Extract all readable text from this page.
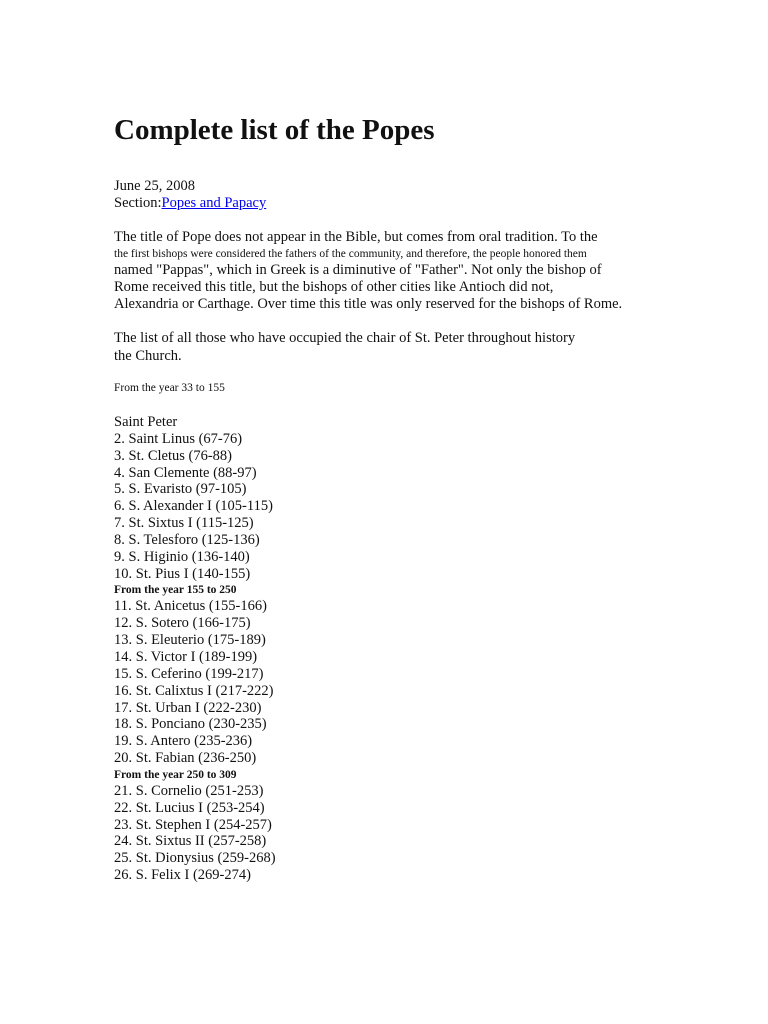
Complete list of the Popes
June 25, 2008
Section:Popes and Papacy
The title of Pope does not appear in the Bible, but comes from oral tradition. To the
the first bishops were considered the fathers of the community, and therefore, the people honored them
named "Pappas", which in Greek is a diminutive of "Father". Not only the bishop of
Rome received this title, but the bishops of other cities like Antioch did not,
Alexandria or Carthage. Over time this title was only reserved for the bishops of Rome.
The list of all those who have occupied the chair of St. Peter throughout history
the Church.
From the year 33 to 155
Saint Peter
2. Saint Linus (67-76)
3. St. Cletus (76-88)
4. San Clemente (88-97)
5. S. Evaristo (97-105)
6. S. Alexander I (105-115)
7. St. Sixtus I (115-125)
8. S. Telesforo (125-136)
9. S. Higinio (136-140)
10. St. Pius I (140-155)
From the year 155 to 250
11. St. Anicetus (155-166)
12. S. Sotero (166-175)
13. S. Eleuterio (175-189)
14. S. Victor I (189-199)
15. S. Ceferino (199-217)
16. St. Calixtus I (217-222)
17. St. Urban I (222-230)
18. S. Ponciano (230-235)
19. S. Antero (235-236)
20. St. Fabian (236-250)
From the year 250 to 309
21. S. Cornelio (251-253)
22. St. Lucius I (253-254)
23. St. Stephen I (254-257)
24. St. Sixtus II (257-258)
25. St. Dionysius (259-268)
26. S. Felix I (269-274)
